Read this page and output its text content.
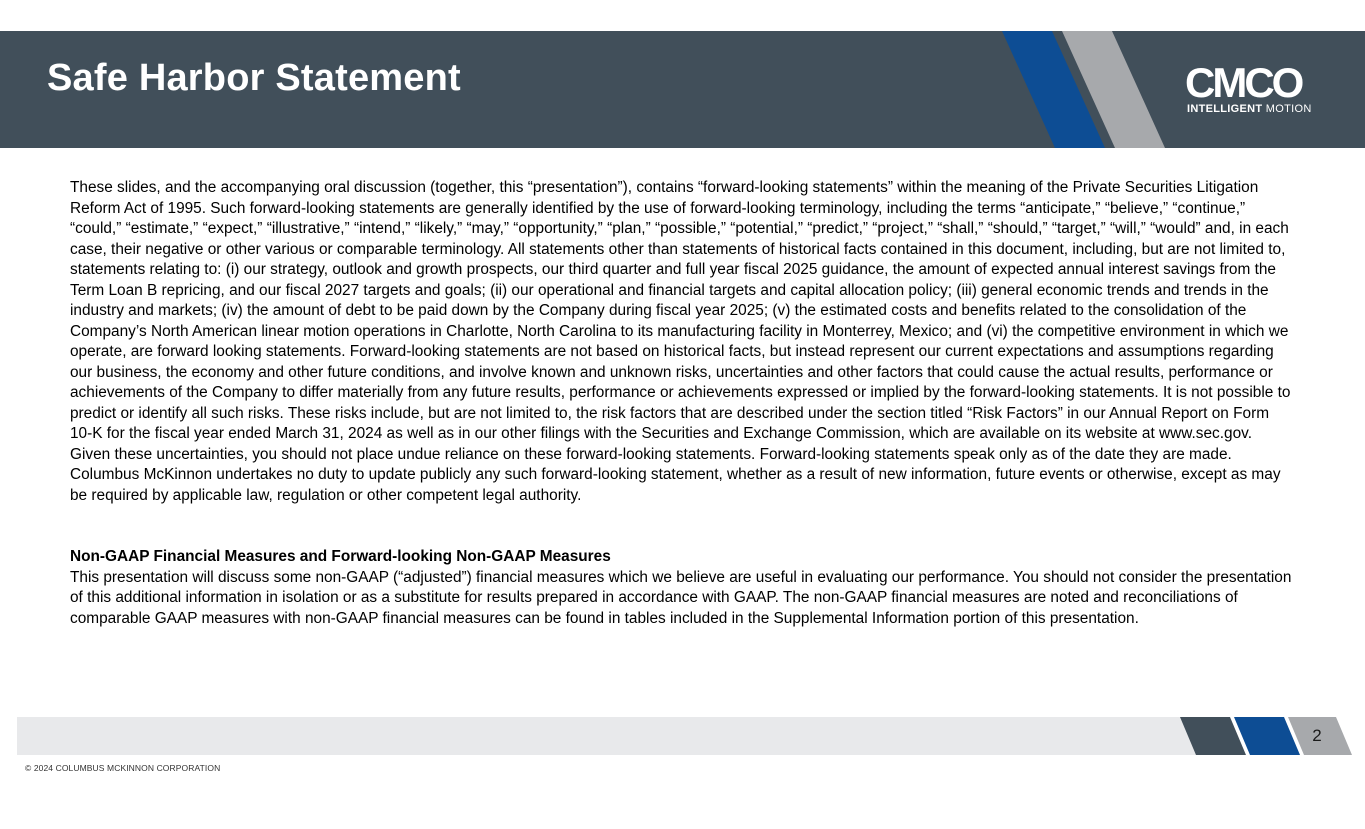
Safe Harbor Statement	CMCO
INTELLIGENT MOTION
These slides, and the accompanying oral discussion (together, this “presentation”), contains “forward-looking statements” within the meaning of the Private Securities Litigation Reform Act of 1995. Such forward-looking statements are generally identified by the use of forward-looking terminology, including the terms “anticipate,” “believe,” “continue,” “could,” “estimate,” “expect,” “illustrative,” “intend,” “likely,” “may,” “opportunity,” “plan,” “possible,” “potential,” “predict,” “project,” “shall,” “should,” “target,” “will,” “would” and, in each case, their negative or other various or comparable terminology. All statements other than statements of historical facts contained in this document, including, but are not limited to, statements relating to: (i) our strategy, outlook and growth prospects, our third quarter and full year fiscal 2025 guidance, the amount of expected annual interest savings from the Term Loan B repricing, and our fiscal 2027 targets and goals; (ii) our operational and financial targets and capital allocation policy; (iii) general economic trends and trends in the industry and markets; (iv) the amount of debt to be paid down by the Company during fiscal year 2025; (v) the estimated costs and benefits related to the consolidation of the Company’s North American linear motion operations in Charlotte, North Carolina to its manufacturing facility in Monterrey, Mexico; and (vi) the competitive environment in which we operate, are forward looking statements. Forward-looking statements are not based on historical facts, but instead represent our current expectations and assumptions regarding our business, the economy and other future conditions, and involve known and unknown risks, uncertainties and other factors that could cause the actual results, performance or achievements of the Company to differ materially from any future results, performance or achievements expressed or implied by the forward-looking statements. It is not possible to predict or identify all such risks. These risks include, but are not limited to, the risk factors that are described under the section titled “Risk Factors” in our Annual Report on Form 10-K for the fiscal year ended March 31, 2024 as well as in our other filings with the Securities and Exchange Commission, which are available on its website at www.sec.gov. Given these uncertainties, you should not place undue reliance on these forward-looking statements. Forward-looking statements speak only as of the date they are made. Columbus McKinnon undertakes no duty to update publicly any such forward-looking statement, whether as a result of new information, future events or otherwise, except as may be required by applicable law, regulation or other competent legal authority.
Non-GAAP Financial Measures and Forward-looking Non-GAAP Measures
This presentation will discuss some non-GAAP (“adjusted”) financial measures which we believe are useful in evaluating our performance. You should not consider the presentation of this additional information in isolation or as a substitute for results prepared in accordance with GAAP. The non-GAAP financial measures are noted and reconciliations of comparable GAAP measures with non-GAAP financial measures can be found in tables included in the Supplemental Information portion of this presentation.
2
© 2024 COLUMBUS MCKINNON CORPORATION
